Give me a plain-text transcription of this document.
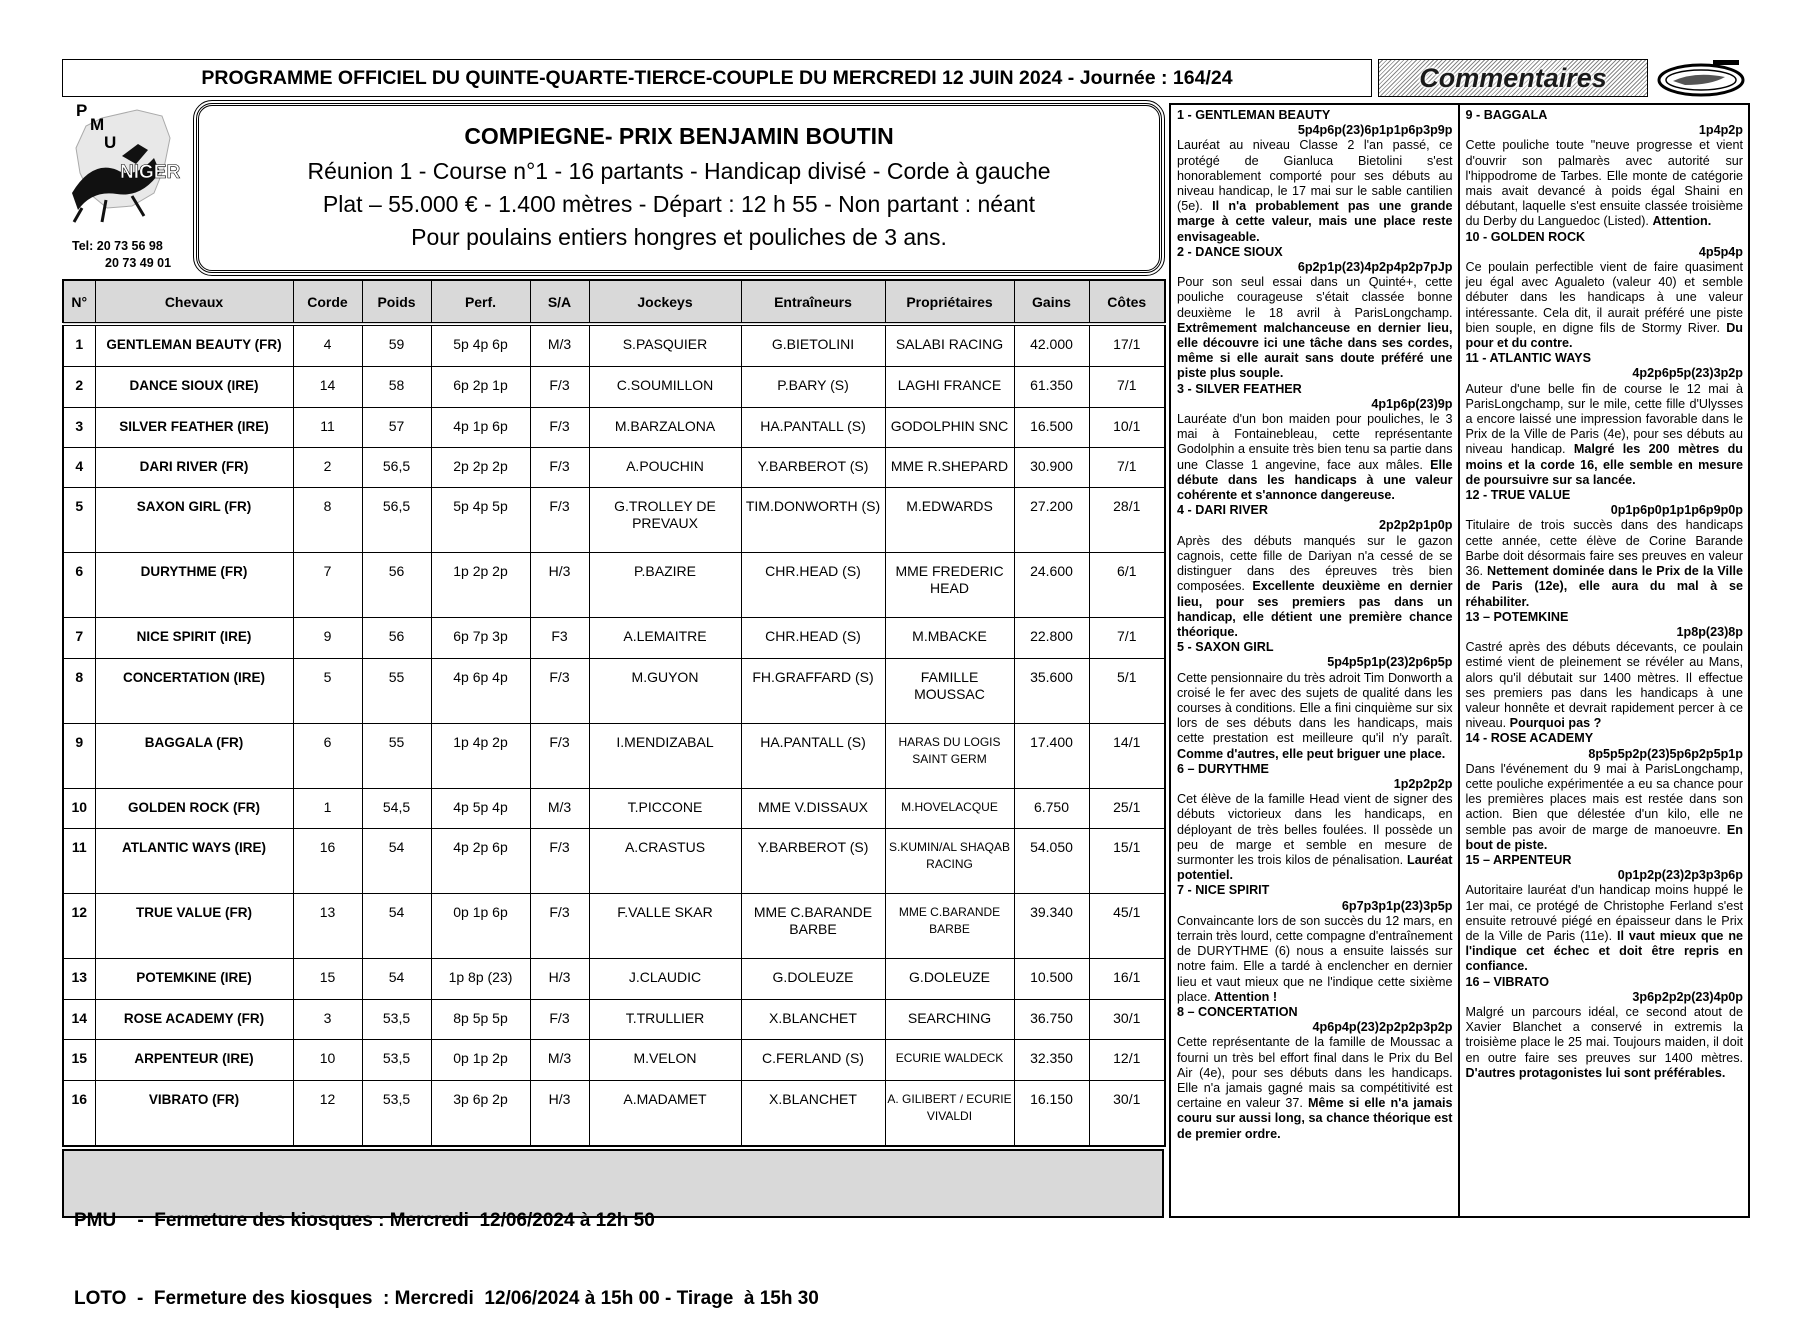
PROGRAMME OFFICIEL DU QUINTE-QUARTE-TIERCE-COUPLE DU MERCREDI 12 JUIN 2024 - Journée : 164/24	Commentaires
P
M
U
NIGER
Tel: 20 73 56 98
20 73 49 01
COMPIEGNE- PRIX BENJAMIN BOUTIN
Réunion 1 - Course n°1 - 16 partants - Handicap divisé - Corde à gauche
Plat – 55.000 € - 1.400 mètres - Départ : 12 h 55 - Non partant : néant
Pour poulains entiers hongres et pouliches de 3 ans.
N°	Chevaux	Corde	Poids	Perf.	S/A	Jockeys	Entraîneurs	Propriétaires	Gains	Côtes
1	GENTLEMAN BEAUTY (FR)	4	59	5p 4p 6p	M/3	S.PASQUIER	G.BIETOLINI	SALABI RACING	42.000	17/1
2	DANCE SIOUX (IRE)	14	58	6p 2p 1p	F/3	C.SOUMILLON	P.BARY (S)	LAGHI FRANCE	61.350	7/1
3	SILVER FEATHER (IRE)	11	57	4p 1p 6p	F/3	M.BARZALONA	HA.PANTALL (S)	GODOLPHIN SNC	16.500	10/1
4	DARI RIVER (FR)	2	56,5	2p 2p 2p	F/3	A.POUCHIN	Y.BARBEROT (S)	MME R.SHEPARD	30.900	7/1
5	SAXON GIRL (FR)	8	56,5	5p 4p 5p	F/3	G.TROLLEY DE PREVAUX	TIM.DONWORTH (S)	M.EDWARDS	27.200	28/1
6	DURYTHME (FR)	7	56	1p 2p 2p	H/3	P.BAZIRE	CHR.HEAD (S)	MME FREDERIC HEAD	24.600	6/1
7	NICE SPIRIT (IRE)	9	56	6p 7p 3p	F3	A.LEMAITRE	CHR.HEAD (S)	M.MBACKE	22.800	7/1
8	CONCERTATION (IRE)	5	55	4p 6p 4p	F/3	M.GUYON	FH.GRAFFARD (S)	FAMILLE MOUSSAC	35.600	5/1
9	BAGGALA (FR)	6	55	1p 4p 2p	F/3	I.MENDIZABAL	HA.PANTALL (S)	HARAS DU LOGIS SAINT GERM	17.400	14/1
10	GOLDEN ROCK (FR)	1	54,5	4p 5p 4p	M/3	T.PICCONE	MME V.DISSAUX	M.HOVELACQUE	6.750	25/1
11	ATLANTIC WAYS (IRE)	16	54	4p 2p 6p	F/3	A.CRASTUS	Y.BARBEROT (S)	S.KUMIN/AL SHAQAB RACING	54.050	15/1
12	TRUE VALUE (FR)	13	54	0p 1p 6p	F/3	F.VALLE SKAR	MME C.BARANDE BARBE	MME C.BARANDE BARBE	39.340	45/1
13	POTEMKINE (IRE)	15	54	1p 8p (23)	H/3	J.CLAUDIC	G.DOLEUZE	G.DOLEUZE	10.500	16/1
14	ROSE ACADEMY (FR)	3	53,5	8p 5p 5p	F/3	T.TRULLIER	X.BLANCHET	SEARCHING	36.750	30/1
15	ARPENTEUR (IRE)	10	53,5	0p 1p 2p	M/3	M.VELON	C.FERLAND (S)	ECURIE WALDECK	32.350	12/1
16	VIBRATO (FR)	12	53,5	3p 6p 2p	H/3	A.MADAMET	X.BLANCHET	A. GILIBERT / ECURIE VIVALDI	16.150	30/1

PMU    -  Fermeture des kiosques : Mercredi  12/06/2024 à 12h 50

LOTO  -  Fermeture des kiosques  : Mercredi  12/06/2024 à 15h 00 - Tirage  à 15h 30

1 - GENTLEMAN BEAUTY
5p4p6p(23)6p1p1p6p3p9p
Lauréat au niveau Classe 2 l'an passé, ce protégé de Gianluca Bietolini s'est honorablement comporté pour ses débuts au niveau handicap, le 17 mai sur le sable cantilien (5e). Il n'a probablement pas une grande marge à cette valeur, mais une place reste envisageable.
2 - DANCE SIOUX
6p2p1p(23)4p2p4p2p7pJp
Pour son seul essai dans un Quinté+, cette pouliche courageuse s'était classée bonne deuxième le 18 avril à ParisLongchamp. Extrêmement malchanceuse en dernier lieu, elle découvre ici une tâche dans ses cordes, même si elle aurait sans doute préféré une piste plus souple.
3 - SILVER FEATHER
4p1p6p(23)9p
Lauréate d'un bon maiden pour pouliches, le 3 mai à Fontainebleau, cette représentante Godolphin a ensuite très bien tenu sa partie dans une Classe 1 angevine, face aux mâles. Elle débute dans les handicaps à une valeur cohérente et s'annonce dangereuse.
4 - DARI RIVER
2p2p2p1p0p
Après des débuts manqués sur le gazon cagnois, cette fille de Dariyan n'a cessé de se distinguer dans des épreuves très bien composées. Excellente deuxième en dernier lieu, pour ses premiers pas dans un handicap, elle détient une première chance théorique.
5 - SAXON GIRL
5p4p5p1p(23)2p6p5p
Cette pensionnaire du très adroit Tim Donworth a croisé le fer avec des sujets de qualité dans les courses à conditions. Elle a fini cinquième sur six lors de ses débuts dans les handicaps, mais cette prestation est meilleure qu'il n'y paraît. Comme d'autres, elle peut briguer une place.
6 – DURYTHME
1p2p2p2p
Cet élève de la famille Head vient de signer des débuts victorieux dans les handicaps, en déployant de très belles foulées. Il possède un peu de marge et semble en mesure de surmonter les trois kilos de pénalisation. Lauréat potentiel.
7 - NICE SPIRIT
6p7p3p1p(23)3p5p
Convaincante lors de son succès du 12 mars, en terrain très lourd, cette compagne d'entraînement de DURYTHME (6) nous a ensuite laissés sur notre faim. Elle a tardé à enclencher en dernier lieu et vaut mieux que ne l'indique cette sixième place. Attention !
8 – CONCERTATION
4p6p4p(23)2p2p2p3p2p
Cette représentante de la famille de Moussac a fourni un très bel effort final dans le Prix du Bel Air (4e), pour ses débuts dans les handicaps. Elle n'a jamais gagné mais sa compétitivité est certaine en valeur 37. Même si elle n'a jamais couru sur aussi long, sa chance théorique est de premier ordre.
9 - BAGGALA
1p4p2p
Cette pouliche toute "neuve progresse et vient d'ouvrir son palmarès avec autorité sur l'hippodrome de Tarbes. Elle monte de catégorie mais avait devancé à poids égal Shaini en débutant, laquelle s'est ensuite classée troisième du Derby du Languedoc (Listed). Attention.
10 - GOLDEN ROCK
4p5p4p
Ce poulain perfectible vient de faire quasiment jeu égal avec Agualeto (valeur 40) et semble débuter dans les handicaps à une valeur intéressante. Cela dit, il aurait préféré une piste bien souple, en digne fils de Stormy River. Du pour et du contre.
11 - ATLANTIC WAYS
4p2p6p5p(23)3p2p
Auteur d'une belle fin de course le 12 mai à ParisLongchamp, sur le mile, cette fille d'Ulysses a encore laissé une impression favorable dans le Prix de la Ville de Paris (4e), pour ses débuts au niveau handicap. Malgré les 200 mètres du moins et la corde 16, elle semble en mesure de poursuivre sur sa lancée.
12 - TRUE VALUE
0p1p6p0p1p1p6p9p0p
Titulaire de trois succès dans des handicaps cette année, cette élève de Corine Barande Barbe doit désormais faire ses preuves en valeur 36. Nettement dominée dans le Prix de la Ville de Paris (12e), elle aura du mal à se réhabiliter.
13 – POTEMKINE
1p8p(23)8p
Castré après des débuts décevants, ce poulain estimé vient de pleinement se révéler au Mans, alors qu'il débutait sur 1400 mètres. Il effectue ses premiers pas dans les handicaps à une valeur honnête et devrait rapidement percer à ce niveau. Pourquoi pas ?
14 - ROSE ACADEMY
8p5p5p2p(23)5p6p2p5p1p
Dans l'événement du 9 mai à ParisLongchamp, cette pouliche expérimentée a eu sa chance pour les premières places mais est restée dans son action. Bien que délestée d'un kilo, elle ne semble pas avoir de marge de manoeuvre. En bout de piste.
15 – ARPENTEUR
0p1p2p(23)2p3p3p6p
Autoritaire lauréat d'un handicap moins huppé le 1er mai, ce protégé de Christophe Ferland s'est ensuite retrouvé piégé en épaisseur dans le Prix de la Ville de Paris (11e). Il vaut mieux que ne l'indique cet échec et doit être repris en confiance.
16 – VIBRATO
3p6p2p2p(23)4p0p
Malgré un parcours idéal, ce second atout de Xavier Blanchet a conservé in extremis la troisième place le 25 mai. Toujours maiden, il doit en outre faire ses preuves sur 1400 mètres. D'autres protagonistes lui sont préférables.
